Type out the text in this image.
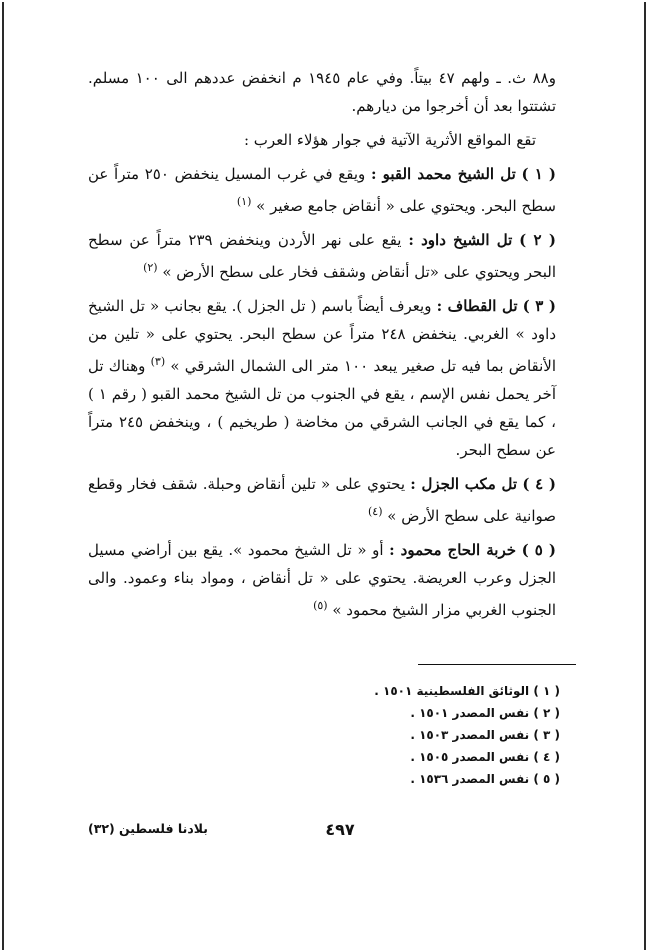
و٨٨ ث. ـ ولهم ٤٧ بيتاً. وفي عام ١٩٤٥ م انخفض عددهم الى ١٠٠ مسلم. تشتتوا بعد أن أخرجوا من ديارهم.

تقع المواقع الأثرية الآتية في جوار هؤلاء العرب :

( ١ ) تل الشيخ محمد القبو : ويقع في غرب المسيل ينخفض ٢٥٠ متراً عن سطح البحر. ويحتوي على « أنقاض جامع صغير » $^{(١)}$

( ٢ ) تل الشيخ داود : يقع على نهر الأردن وينخفض ٢٣٩ متراً عن سطح البحر ويحتوي على «تل أنقاض وشقف فخار على سطح الأرض » $^{(٢)}$

( ٣ ) تل القطاف : ويعرف أيضاً باسم ( تل الجزل ). يقع بجانب « تل الشيخ داود » الغربي. ينخفض ٢٤٨ متراً عن سطح البحر. يحتوي على « تلين من الأنقاض بما فيه تل صغير يبعد ١٠٠ متر الى الشمال الشرقي » $^{(٣)}$ وهناك تل آخر يحمل نفس الإسم ، يقع في الجنوب من تل الشيخ محمد القبو ( رقم ١ ) ، كما يقع في الجانب الشرقي من مخاضة ( طريخيم ) ، وينخفض ٢٤٥ متراً عن سطح البحر.

( ٤ ) تل مكب الجزل : يحتوي على « تلين أنقاض وحبلة. شقف فخار وقطع صوانية على سطح الأرض » $^{(٤)}$

( ٥ ) خربة الحاج محمود : أو « تل الشيخ محمود ». يقع بين أراضي مسيل الجزل وعرب العريضة. يحتوي على « تل أنقاض ، ومواد بناء وعمود. والى الجنوب الغربي مزار الشيخ محمود » $^{(٥)}$

( ١ ) الوثائق الفلسطينية ١٥٠١ .
( ٢ ) نفس المصدر ١٥٠١ .
( ٣ ) نفس المصدر ١٥٠٣ .
( ٤ ) نفس المصدر ١٥٠٥ .
( ٥ ) نفس المصدر ١٥٣٦ .
٤٩٧
بلادنا فلسطين (٣٢)
